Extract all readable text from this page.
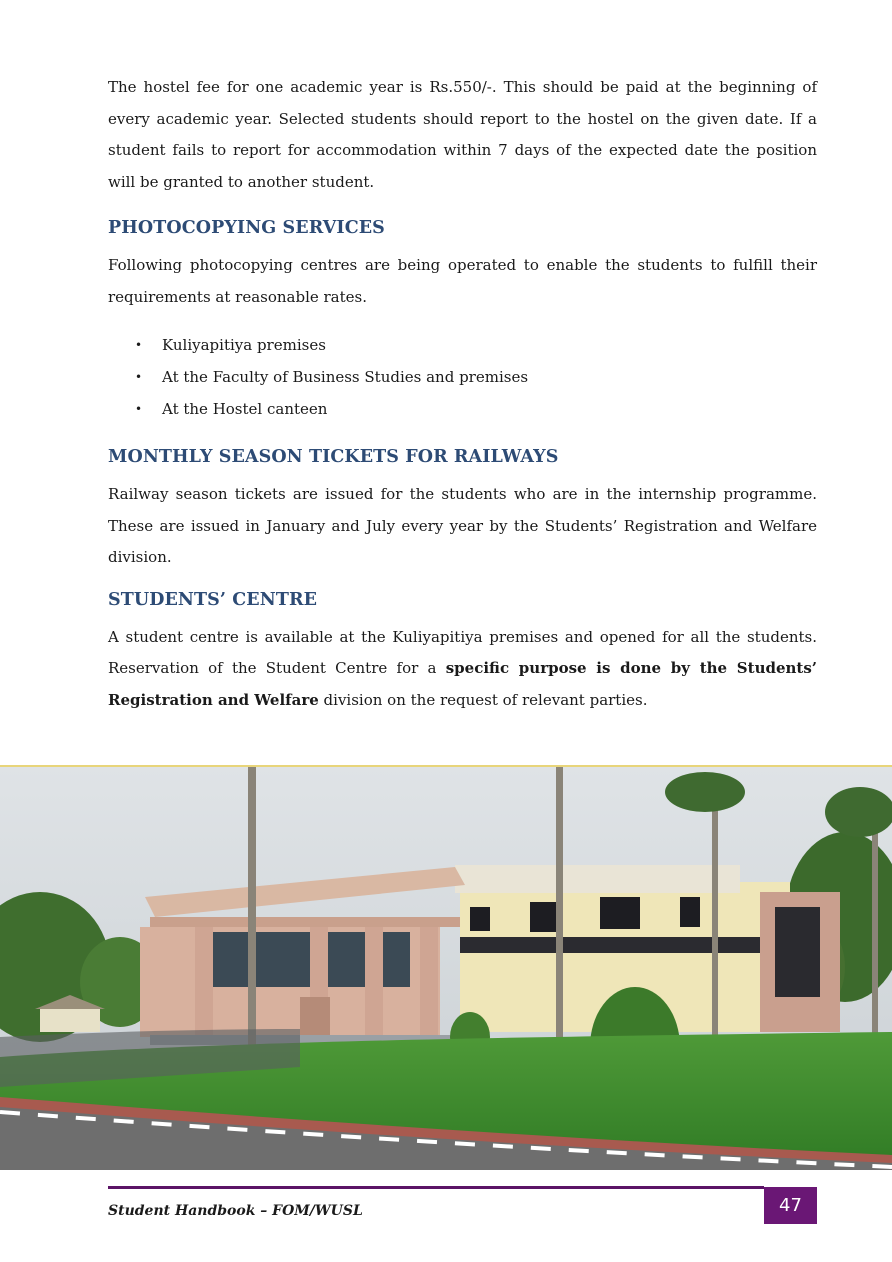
The hostel fee for one academic year is Rs.550/-. This should be paid at the beginning of every academic year. Selected students should report to the hostel on the given date. If a student fails to report for accommodation within 7 days of the expected date the position will be granted to another student.

PHOTOCOPYING SERVICES

Following photocopying centres are being operated to enable the students to fulfill their requirements at reasonable rates.

•	Kuliyapitiya premises
•	At the Faculty of Business Studies and premises
•	At the Hostel canteen
MONTHLY SEASON TICKETS FOR RAILWAYS

Railway season tickets are issued for the students who are in the internship programme. These are issued in January and July every year by the Students’ Registration and Welfare division.

STUDENTS’ CENTRE

A student centre is available at the Kuliyapitiya premises and opened for all the students. Reservation of the Student Centre for a specific purpose is done by the Students’ Registration and Welfare division on the request of relevant parties.

Student Handbook – FOM/WUSL	47
